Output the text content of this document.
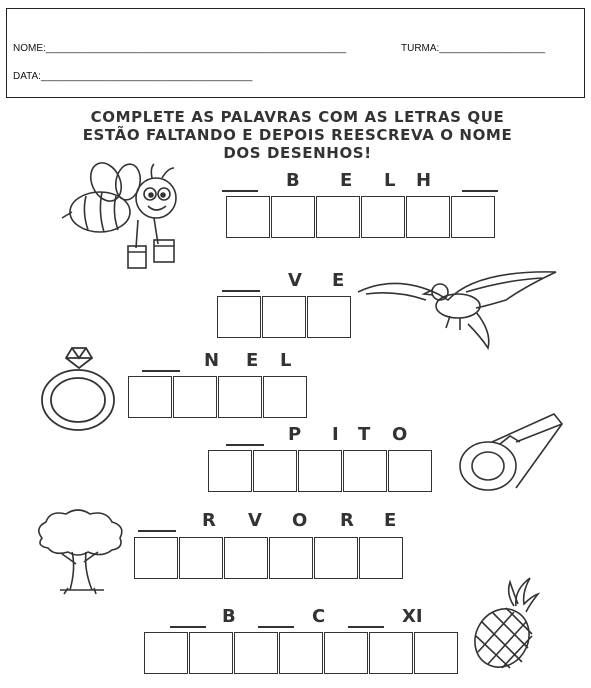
NOME:______________________________________________________	TURMA:___________________
DATA:______________________________________
COMPLETE AS PALAVRAS COM AS LETRAS QUE
ESTÃO FALTANDO E DEPOIS REESCREVA O NOME
DOS DESENHOS!
B E L H
V E
N E L
P I T O
R V O R E
B	C	XI
